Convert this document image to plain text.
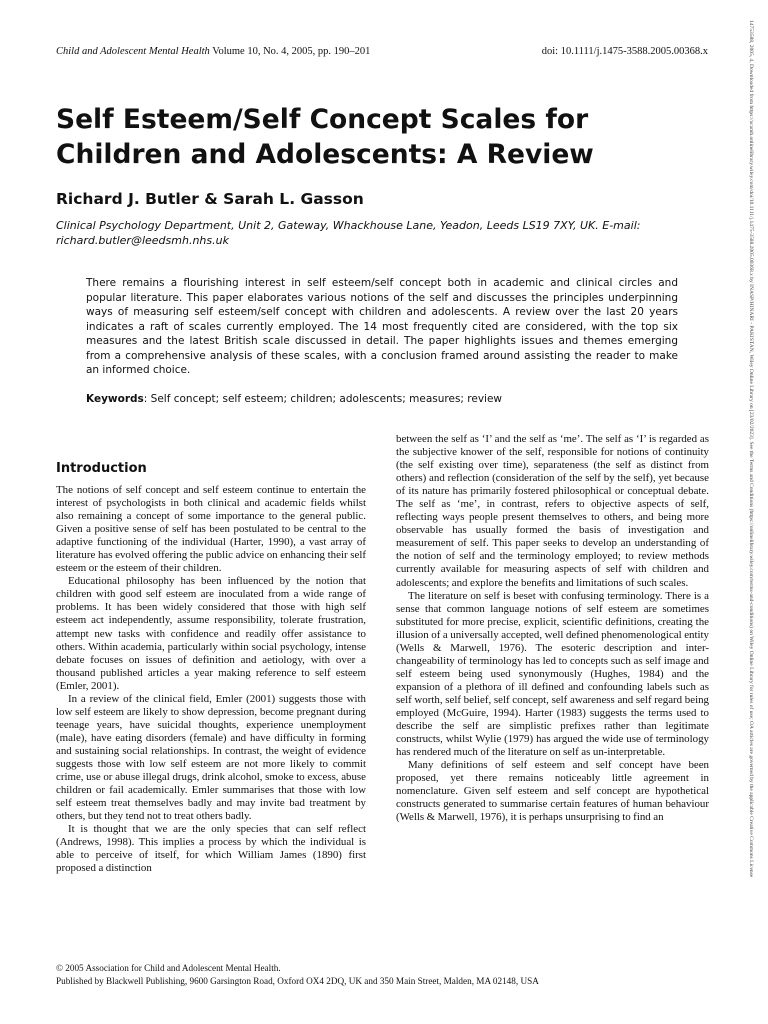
Child and Adolescent Mental Health Volume 10, No. 4, 2005, pp. 190–201	doi: 10.1111/j.1475-3588.2005.00368.x	14753588, 2005, 4, Downloaded from https://acamh.onlinelibrary.wiley.com/doi/10.1111/j.1475-3588.2005.00368.x by INASP/HINARI - PAKISTAN, Wiley Online Library on [23/02/2023]. See the Terms and Conditions (https://onlinelibrary.wiley.com/terms-and-conditions) on Wiley Online Library for rules of use; OA articles are governed by the applicable Creative Commons License
Self Esteem/Self Concept Scales for Children and Adolescents: A Review

Richard J. Butler & Sarah L. Gasson

Clinical Psychology Department, Unit 2, Gateway, Whackhouse Lane, Yeadon, Leeds LS19 7XY, UK. E-mail: richard.butler@leedsmh.nhs.uk
There remains a flourishing interest in self esteem/self concept both in academic and clinical circles and popular literature. This paper elaborates various notions of the self and discusses the principles underpinning ways of measuring self esteem/self concept with children and adolescents. A review over the last 20 years indicates a raft of scales currently employed. The 14 most frequently cited are considered, with the top six measures and the latest British scale discussed in detail. The paper highlights issues and themes emerging from a comprehensive analysis of these scales, with a conclusion framed around assisting the reader to make an informed choice.
Keywords: Self concept; self esteem; children; adolescents; measures; review
Introduction

The notions of self concept and self esteem continue to entertain the interest of psychologists in both clinical and academic fields whilst also remaining a concept of some importance to the general public. Given a positive sense of self has been postulated to be central to the adaptive functioning of the individual (Harter, 1990), a vast array of literature has evolved offering the public advice on enhancing their self esteem or the esteem of their children.

Educational philosophy has been influenced by the notion that children with good self esteem are inoculated from a wide range of problems. It has been widely considered that those with high self esteem act independently, assume responsibility, tolerate frustration, attempt new tasks with confidence and readily offer assistance to others. Within academia, particularly within social psychology, intense debate focuses on issues of definition and aetiology, with over a thousand published articles a year making reference to self esteem (Emler, 2001).

In a review of the clinical field, Emler (2001) suggests those with low self esteem are likely to show depression, become pregnant during teenage years, have suicidal thoughts, experience unemployment (male), have eating disorders (female) and have difficulty in forming and sustaining social relationships. In contrast, the weight of evidence suggests those with low self esteem are not more likely to commit crime, use or abuse illegal drugs, drink alcohol, smoke to excess, abuse children or fail academically. Emler summarises that those with low self esteem treat themselves badly and may invite bad treatment by others, but they tend not to treat others badly.

It is thought that we are the only species that can self reflect (Andrews, 1998). This implies a process by which the individual is able to perceive of itself, for which William James (1890) first proposed a distinction

between the self as ‘I’ and the self as ‘me’. The self as ‘I’ is regarded as the subjective knower of the self, responsible for notions of continuity (the self existing over time), separateness (the self as distinct from others) and reflection (consideration of the self by the self), yet because of its nature has primarily fostered philosophical or conceptual debate. The self as ‘me’, in contrast, refers to objective aspects of self, reflecting ways people present themselves to others, and being more observable has usually formed the basis of investigation and measurement of self. This paper seeks to develop an understanding of the notion of self and the terminology employed; to review methods currently available for measuring aspects of self with children and adolescents; and explore the benefits and limitations of such scales.

The literature on self is beset with confusing terminology. There is a sense that common language notions of self esteem are sometimes substituted for more precise, explicit, scientific definitions, creating the illusion of a universally accepted, well defined phenomenological entity (Wells & Marwell, 1976). The esoteric description and inter-changeability of terminology has led to concepts such as self image and self esteem being used synonymously (Hughes, 1984) and the expansion of a plethora of ill defined and confounding labels such as self worth, self belief, self concept, self awareness and self regard being employed (McGuire, 1994). Harter (1983) suggests the terms used to describe the self are simplistic prefixes rather than legitimate constructs, whilst Wylie (1979) has argued the wide use of terminology has rendered much of the literature on self as un-interpretable.

Many definitions of self esteem and self concept have been proposed, yet there remains noticeably little agreement in nomenclature. Given self esteem and self concept are hypothetical constructs generated to summarise certain features of human behaviour (Wells & Marwell, 1976), it is perhaps unsurprising to find an

© 2005 Association for Child and Adolescent Mental Health.
Published by Blackwell Publishing, 9600 Garsington Road, Oxford OX4 2DQ, UK and 350 Main Street, Malden, MA 02148, USA
